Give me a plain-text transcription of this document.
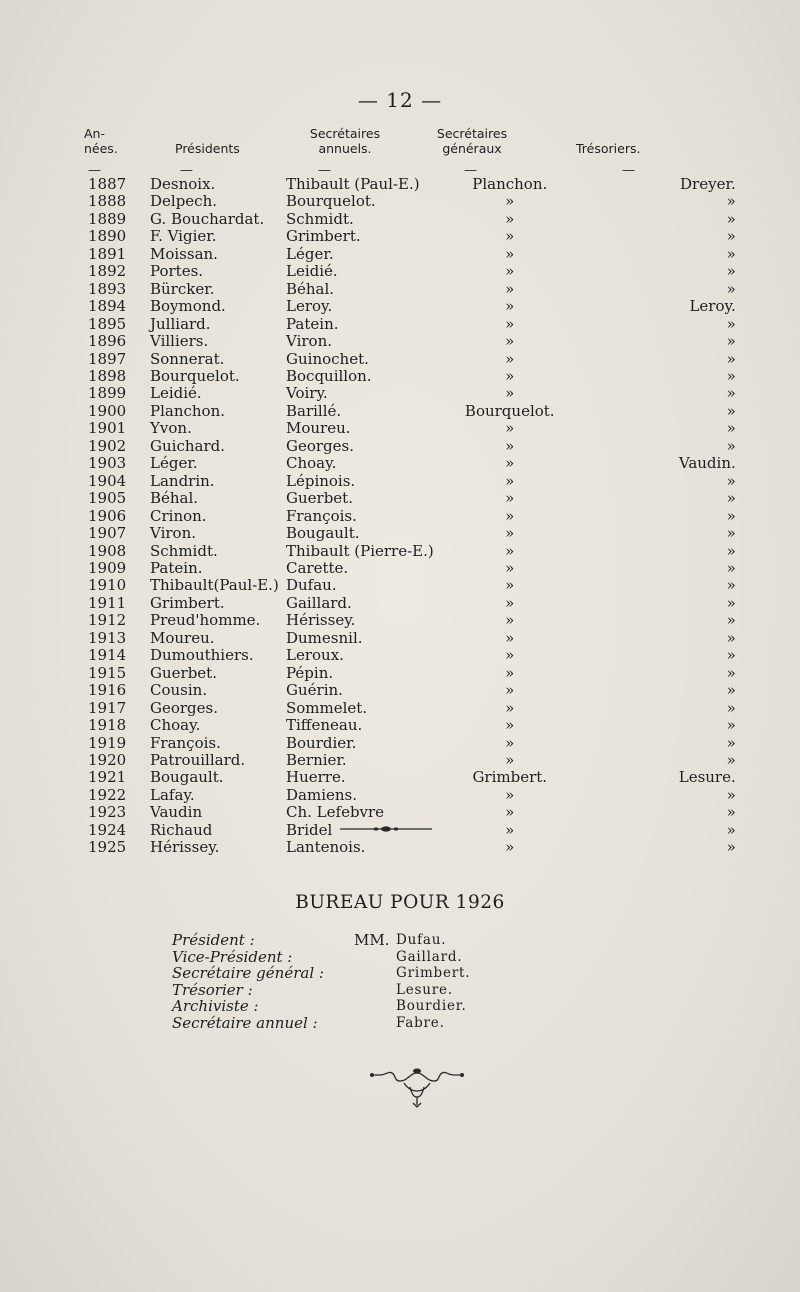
— 12 —
An-
nées.	Présidents
Secrétaires
annuels.
Secrétaires
généraux	Trésoriers.
—	—	—	—	—
1887	Desnoix.	Thibault (Paul-E.)	Planchon.	Dreyer.
1888	Delpech.	Bourquelot.	»	»
1889	G. Bouchardat.	Schmidt.	»	»
1890	F. Vigier.	Grimbert.	»	»
1891	Moissan.	Léger.	»	»
1892	Portes.	Leidié.	»	»
1893	Bürcker.	Béhal.	»	»
1894	Boymond.	Leroy.	»	Leroy.
1895	Julliard.	Patein.	»	»
1896	Villiers.	Viron.	»	»
1897	Sonnerat.	Guinochet.	»	»
1898	Bourquelot.	Bocquillon.	»	»
1899	Leidié.	Voiry.	»	»
1900	Planchon.	Barillé.	Bourquelot.	»
1901	Yvon.	Moureu.	»	»
1902	Guichard.	Georges.	»	»
1903	Léger.	Choay.	»	Vaudin.
1904	Landrin.	Lépinois.	»	»
1905	Béhal.	Guerbet.	»	»
1906	Crinon.	François.	»	»
1907	Viron.	Bougault.	»	»
1908	Schmidt.	Thibault (Pierre-E.)	»	»
1909	Patein.	Carette.	»	»
1910	Thibault(Paul-E.)	Dufau.	»	»
1911	Grimbert.	Gaillard.	»	»
1912	Preud'homme.	Hérissey.	»	»
1913	Moureu.	Dumesnil.	»	»
1914	Dumouthiers.	Leroux.	»	»
1915	Guerbet.	Pépin.	»	»
1916	Cousin.	Guérin.	»	»
1917	Georges.	Sommelet.	»	»
1918	Choay.	Tiffeneau.	»	»
1919	François.	Bourdier.	»	»
1920	Patrouillard.	Bernier.	»	»
1921	Bougault.	Huerre.	Grimbert.	Lesure.
1922	Lafay.	Damiens.	»	»
1923	Vaudin	Ch. Lefebvre	»	»
1924	Richaud	Bridel	»	»
1925	Hérissey.	Lantenois.	»	»
BUREAU POUR 1926
Président :	MM. Dufau.
Vice-Président :	Gaillard.
Secrétaire général :	Grimbert.
Trésorier :	Lesure.
Archiviste :	Bourdier.
Secrétaire annuel :	Fabre.
